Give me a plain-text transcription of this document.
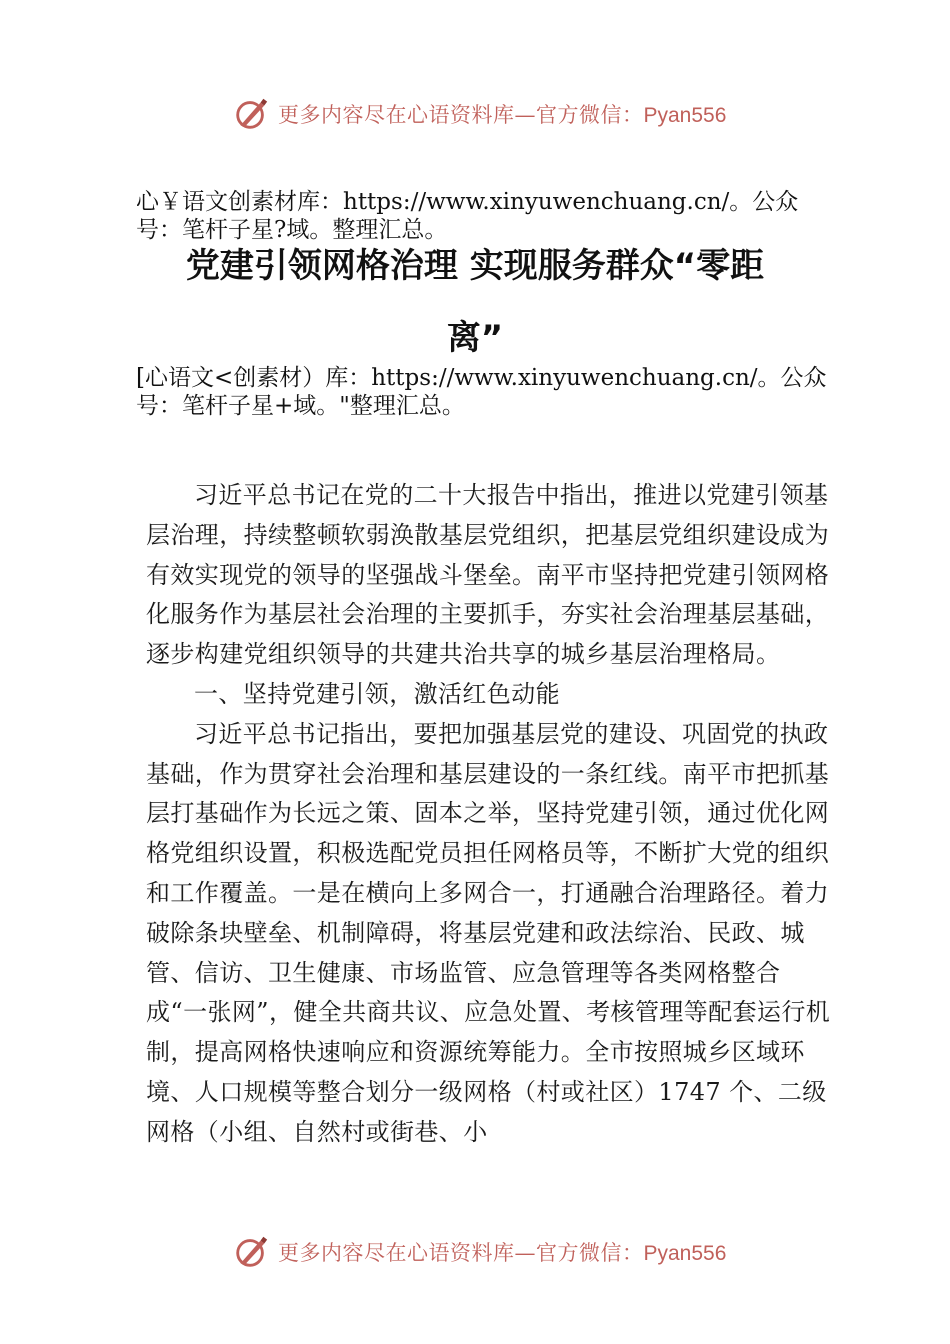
更多内容尽在心语资料库—官方微信：Pyan556
心￥语文创素材库：https://www.xinyuwenchuang.cn/。公众号：笔杆子星?域。整理汇总。
党建引领网格治理 实现服务群众“零距
离”
[心语文<创素材）库：https://www.xinyuwenchuang.cn/。公众号：笔杆子星+域。"整理汇总。

习近平总书记在党的二十大报告中指出，推进以党建引领基层治理，持续整顿软弱涣散基层党组织，把基层党组织建设成为有效实现党的领导的坚强战斗堡垒。南平市坚持把党建引领网格化服务作为基层社会治理的主要抓手，夯实社会治理基层基础，逐步构建党组织领导的共建共治共享的城乡基层治理格局。

一、坚持党建引领，激活红色动能

习近平总书记指出，要把加强基层党的建设、巩固党的执政基础，作为贯穿社会治理和基层建设的一条红线。南平市把抓基层打基础作为长远之策、固本之举，坚持党建引领，通过优化网格党组织设置，积极选配党员担任网格员等，不断扩大党的组织和工作覆盖。一是在横向上多网合一，打通融合治理路径。着力破除条块壁垒、机制障碍，将基层党建和政法综治、民政、城管、信访、卫生健康、市场监管、应急管理等各类网格整合成“一张网”，健全共商共议、应急处置、考核管理等配套运行机制，提高网格快速响应和资源统筹能力。全市按照城乡区域环境、人口规模等整合划分一级网格（村或社区）1747 个、二级网格（小组、自然村或街巷、小

更多内容尽在心语资料库—官方微信：Pyan556
